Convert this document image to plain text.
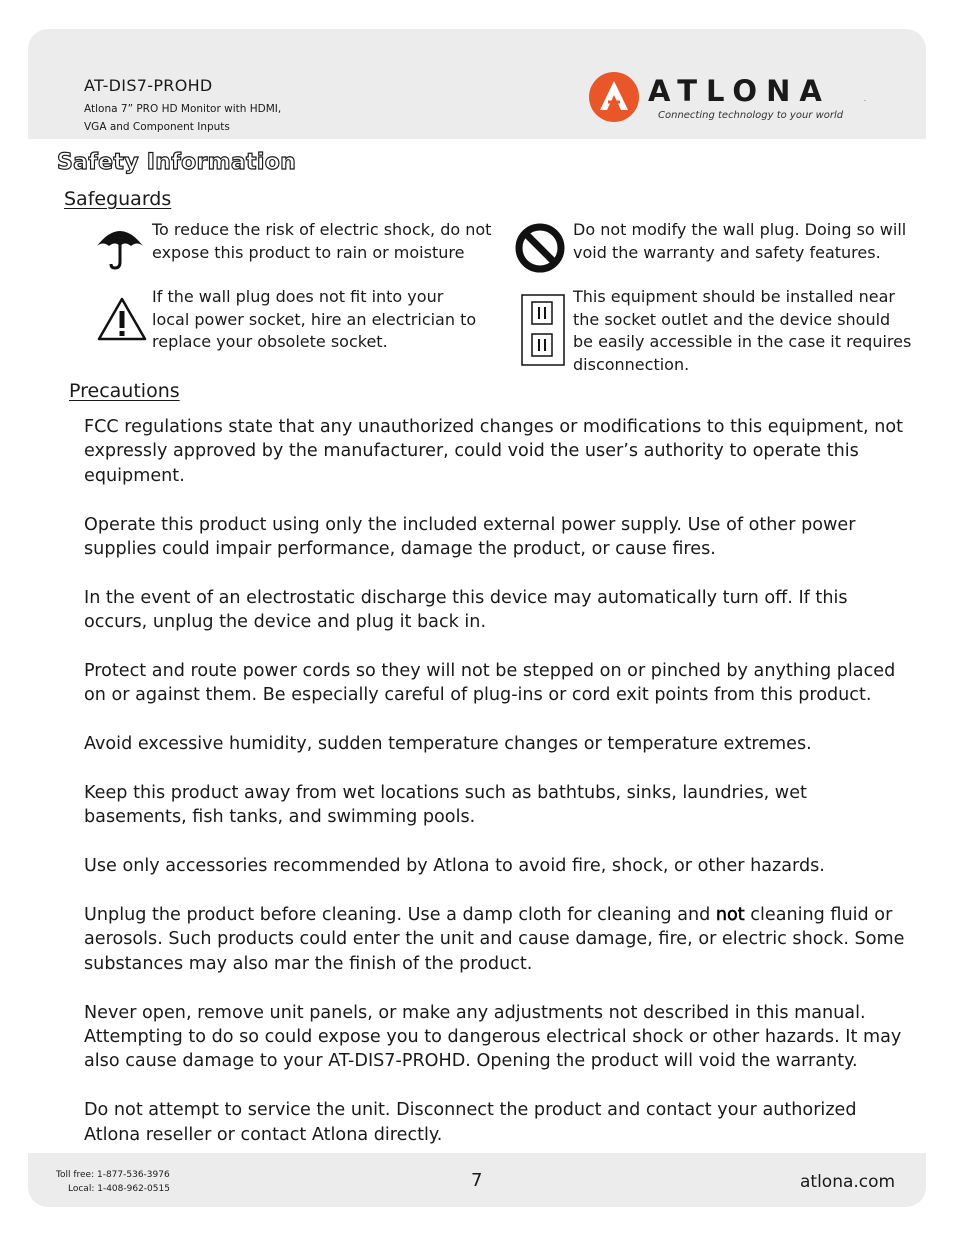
AT-DIS7-PROHD
Atlona 7” PRO HD Monitor with HDMI,
VGA and Component Inputs
ATLONA	.
Connecting technology to your world
Safety Information
Safeguards
To reduce the risk of electric shock, do not expose this product to rain or moisture
Do not modify the wall plug. Doing so will void the warranty and safety features.
If the wall plug does not fit into your local power socket, hire an electrician to replace your obsolete socket.
This equipment should be installed near the socket outlet and the device should be easily accessible in the case it requires disconnection.
Precautions

FCC regulations state that any unauthorized changes or modifications to this equipment, not expressly approved by the manufacturer, could void the user’s authority to operate this equipment.

Operate this product using only the included external power supply. Use of other power supplies could impair performance, damage the product, or cause fires.

In the event of an electrostatic discharge this device may automatically turn off. If this occurs, unplug the device and plug it back in.

Protect and route power cords so they will not be stepped on or pinched by anything placed on or against them. Be especially careful of plug-ins or cord exit points from this product.

Avoid excessive humidity, sudden temperature changes or temperature extremes.

Keep this product away from wet locations such as bathtubs, sinks, laundries, wet basements, fish tanks, and swimming pools.

Use only accessories recommended by Atlona to avoid fire, shock, or other hazards.

Unplug the product before cleaning. Use a damp cloth for cleaning and not cleaning fluid or aerosols. Such products could enter the unit and cause damage, fire, or electric shock. Some substances may also mar the finish of the product.

Never open, remove unit panels, or make any adjustments not described in this manual. Attempting to do so could expose you to dangerous electrical shock or other hazards. It may also cause damage to your AT-DIS7-PROHD. Opening the product will void the warranty.

Do not attempt to service the unit. Disconnect the product and contact your authorized Atlona reseller or contact Atlona directly.

Toll free: 1-877-536-3976
Local: 1-408-962-0515	7	atlona.com
